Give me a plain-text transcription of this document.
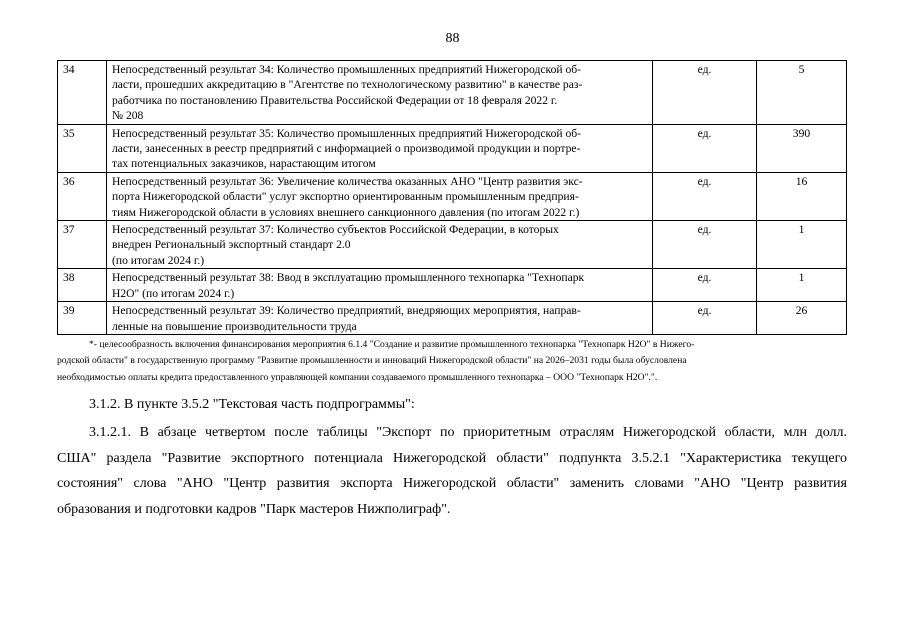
88
34	Непосредственный результат 34: Количество промышленных предприятий Нижегородской об-
ласти, прошедших аккредитацию в "Агентстве по технологическому развитию" в качестве раз-
работчика по постановлению Правительства Российской Федерации от 18 февраля 2022 г.
№ 208	ед.	5
35	Непосредственный результат 35: Количество промышленных предприятий Нижегородской об-
ласти, занесенных в реестр предприятий с информацией о производимой продукции и портре-
тах потенциальных заказчиков, нарастающим итогом	ед.	390
36	Непосредственный результат 36: Увеличение количества оказанных АНО "Центр развития экс-
порта Нижегородской области" услуг экспортно ориентированным промышленным предприя-
тиям Нижегородской области в условиях внешнего санкционного давления (по итогам 2022 г.)	ед.	16
37	Непосредственный результат 37: Количество субъектов Российской Федерации, в которых
внедрен Региональный экспортный стандарт 2.0
(по итогам 2024 г.)	ед.	1
38	Непосредственный результат 38: Ввод в эксплуатацию промышленного технопарка "Технопарк
Н2О" (по итогам 2024 г.)	ед.	1
39	Непосредственный результат 39: Количество предприятий, внедряющих мероприятия, направ-
ленные на повышение производительности труда	ед.	26
*- целесообразность включения финансирования мероприятия 6.1.4 "Создание и развитие промышленного технопарка "Технопарк Н2О" в Нижего-
родской области" в государственную программу "Развитие промышленности и инноваций Нижегородской области" на 2026–2031 годы была обусловлена
необходимостью оплаты кредита предоставленного управляющей компании создаваемого промышленного технопарка – ООО "Технопарк Н2О".".
3.1.2. В пункте 3.5.2 "Текстовая часть подпрограммы":
3.1.2.1. В абзаце четвертом после таблицы "Экспорт по приоритетным отраслям Нижегородской области, млн долл.
США" раздела "Развитие экспортного потенциала Нижегородской области" подпункта 3.5.2.1 "Характеристика текущего
состояния" слова "АНО "Центр развития экспорта Нижегородской области" заменить словами "АНО "Центр развития
образования и подготовки кадров "Парк мастеров Нижполиграф".
